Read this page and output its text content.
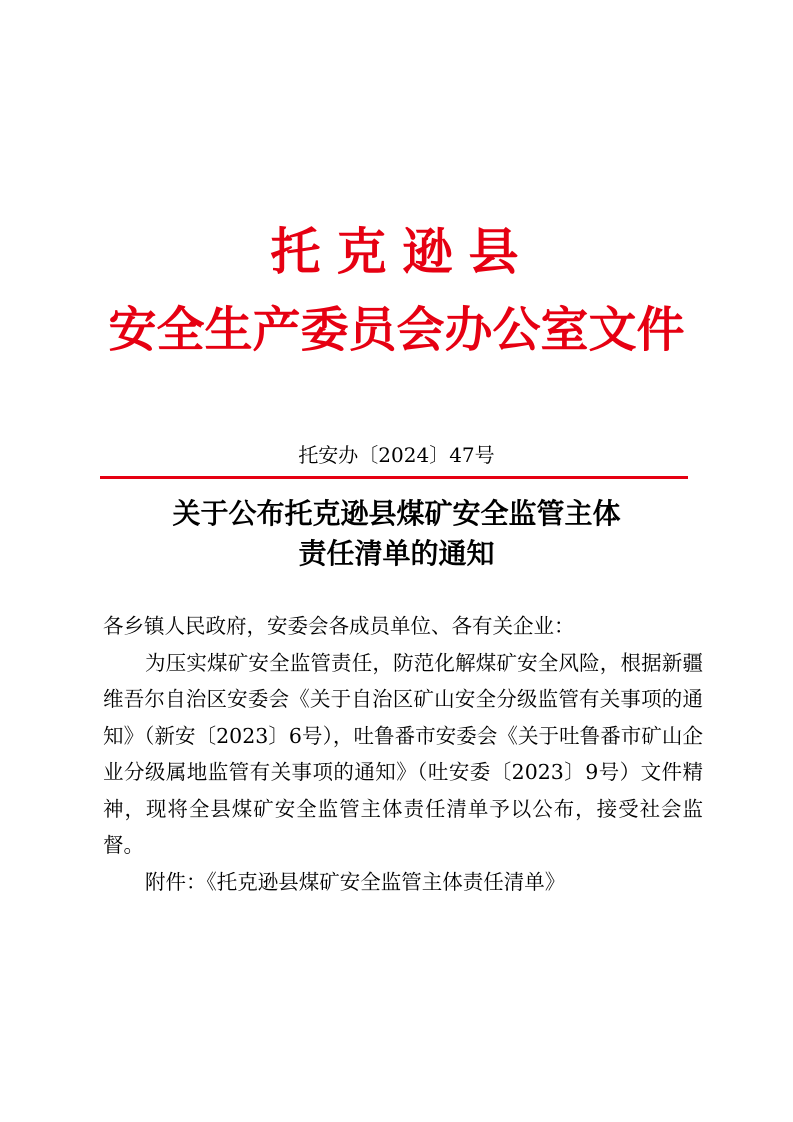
托克逊县
安全生产委员会办公室文件
托安办〔2024〕47号
关于公布托克逊县煤矿安全监管主体
责任清单的通知

各乡镇人民政府，安委会各成员单位、各有关企业：

为压实煤矿安全监管责任，防范化解煤矿安全风险，根据新疆维吾尔自治区安委会《关于自治区矿山安全分级监管有关事项的通知》（新安〔2023〕6号），吐鲁番市安委会《关于吐鲁番市矿山企业分级属地监管有关事项的通知》（吐安委〔2023〕9号）文件精神，现将全县煤矿安全监管主体责任清单予以公布，接受社会监督。

附件：《托克逊县煤矿安全监管主体责任清单》
